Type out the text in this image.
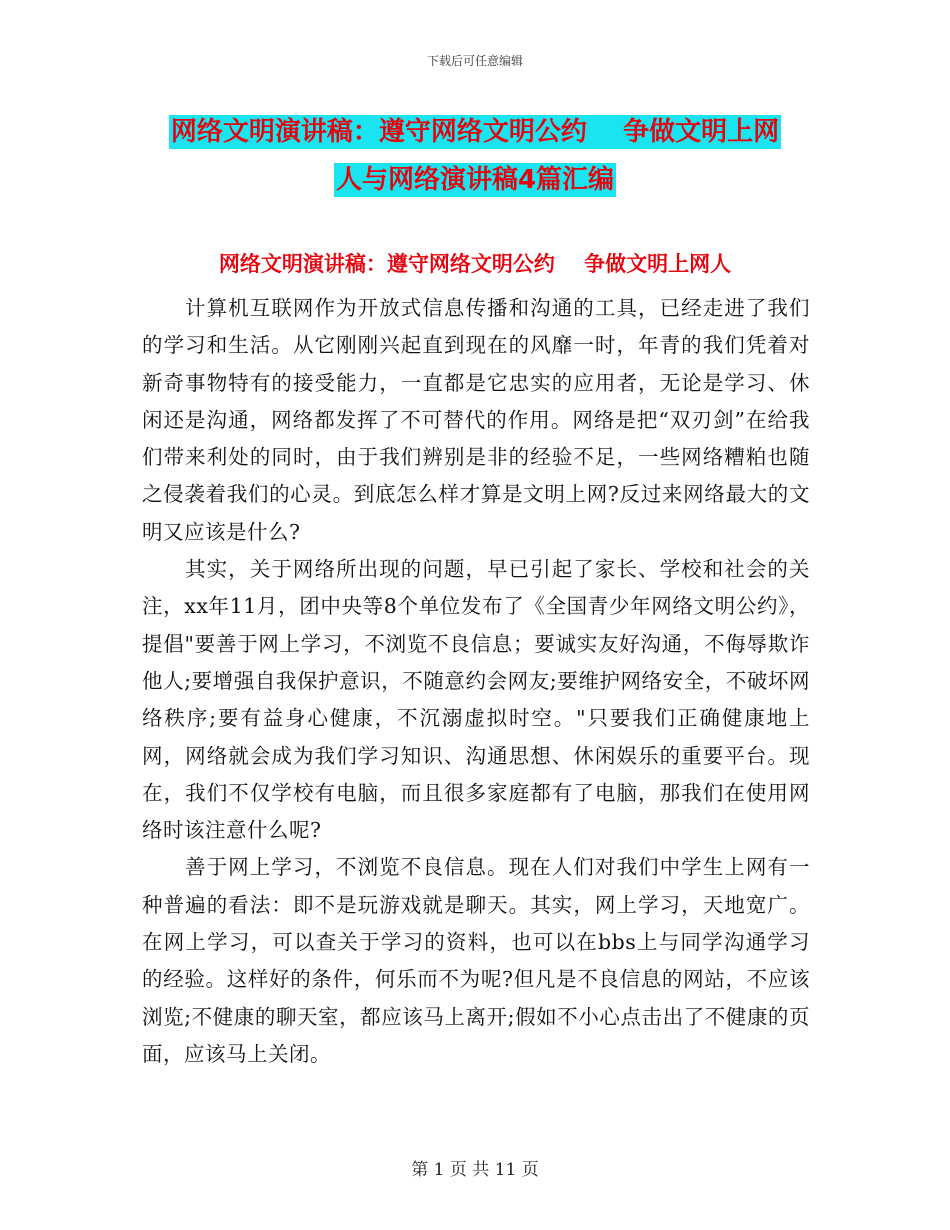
下载后可任意编辑
网络文明演讲稿：遵守网络文明公约    争做文明上网
人与网络演讲稿4篇汇编
网络文明演讲稿：遵守网络文明公约    争做文明上网人

计算机互联网作为开放式信息传播和沟通的工具，已经走进了我们的学习和生活。从它刚刚兴起直到现在的风靡一时，年青的我们凭着对新奇事物特有的接受能力，一直都是它忠实的应用者，无论是学习、休闲还是沟通，网络都发挥了不可替代的作用。网络是把“双刃剑”在给我们带来利处的同时，由于我们辨别是非的经验不足，一些网络糟粕也随之侵袭着我们的心灵。到底怎么样才算是文明上网?反过来网络最大的文明又应该是什么?

其实，关于网络所出现的问题，早已引起了家长、学校和社会的关注，xx年11月，团中央等8个单位发布了《全国青少年网络文明公约》，提倡"要善于网上学习，不浏览不良信息；要诚实友好沟通，不侮辱欺诈他人;要增强自我保护意识，不随意约会网友;要维护网络安全，不破坏网络秩序;要有益身心健康，不沉溺虚拟时空。"只要我们正确健康地上网，网络就会成为我们学习知识、沟通思想、休闲娱乐的重要平台。现在，我们不仅学校有电脑，而且很多家庭都有了电脑，那我们在使用网络时该注意什么呢?

善于网上学习，不浏览不良信息。现在人们对我们中学生上网有一种普遍的看法：即不是玩游戏就是聊天。其实，网上学习，天地宽广。在网上学习，可以查关于学习的资料，也可以在bbs上与同学沟通学习的经验。这样好的条件，何乐而不为呢?但凡是不良信息的网站，不应该浏览;不健康的聊天室，都应该马上离开;假如不小心点击出了不健康的页面，应该马上关闭。

第 1 页 共 11 页
